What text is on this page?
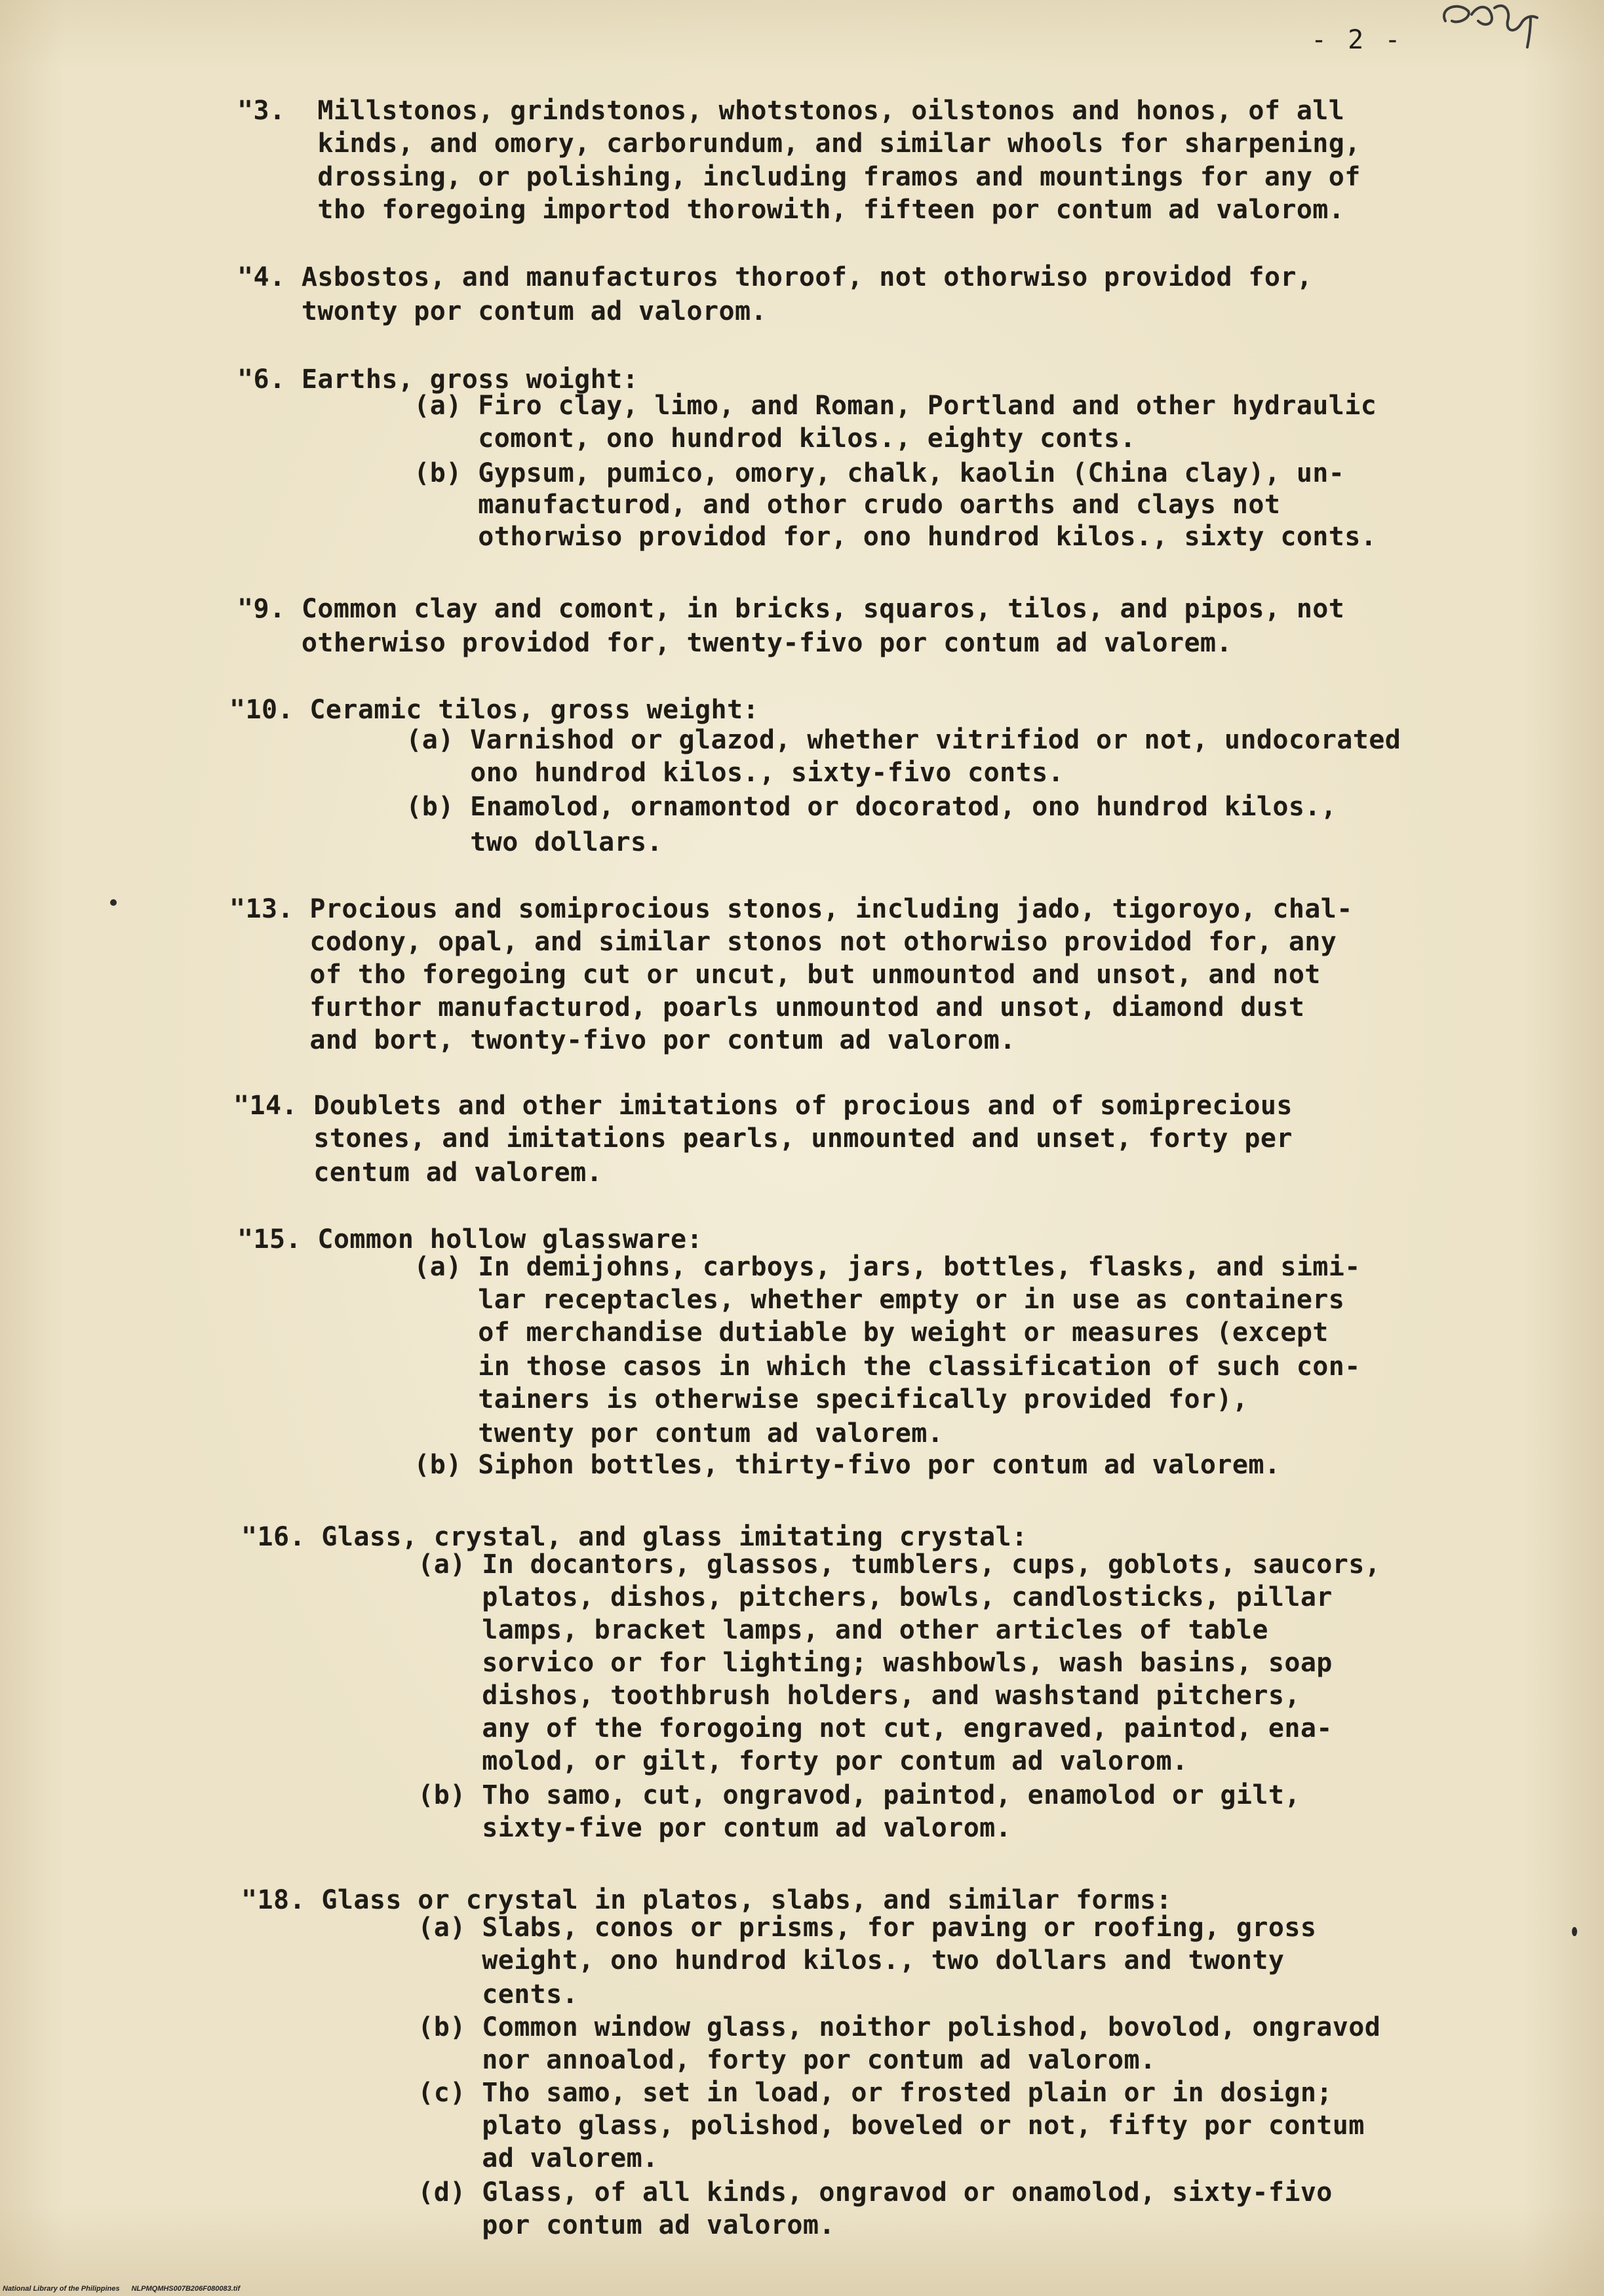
- 2 -
"3.  Millstonos, grindstonos, whotstonos, oilstonos and honos, of all
kinds, and omory, carborundum, and similar whools for sharpening,
drossing, or polishing, including framos and mountings for any of
tho foregoing importod thorowith, fifteen por contum ad valorom.
"4. Asbostos, and manufacturos thoroof, not othorwiso providod for,
twonty por contum ad valorom.
"6. Earths, gross woight:
(a) Firo clay, limo, and Roman, Portland and other hydraulic
comont, ono hundrod kilos., eighty conts.
(b) Gypsum, pumico, omory, chalk, kaolin (China clay), un-
manufacturod, and othor crudo oarths and clays not
othorwiso providod for, ono hundrod kilos., sixty conts.
"9. Common clay and comont, in bricks, squaros, tilos, and pipos, not
otherwiso providod for, twenty-fivo por contum ad valorem.
"10. Ceramic tilos, gross weight:
(a) Varnishod or glazod, whether vitrifiod or not, undocorated
ono hundrod kilos., sixty-fivo conts.
(b) Enamolod, ornamontod or docoratod, ono hundrod kilos.,
two dollars.
"13. Procious and somiprocious stonos, including jado, tigoroyo, chal-
codony, opal, and similar stonos not othorwiso providod for, any
of tho foregoing cut or uncut, but unmountod and unsot, and not
furthor manufacturod, poarls unmountod and unsot, diamond dust
and bort, twonty-fivo por contum ad valorom.
"14. Doublets and other imitations of procious and of somiprecious
stones, and imitations pearls, unmounted and unset, forty per
centum ad valorem.
"15. Common hollow glassware:
(a) In demijohns, carboys, jars, bottles, flasks, and simi-
lar receptacles, whether empty or in use as containers
of merchandise dutiable by weight or measures (except
in those casos in which the classification of such con-
tainers is otherwise specifically provided for),
twenty por contum ad valorem.
(b) Siphon bottles, thirty-fivo por contum ad valorem.
"16. Glass, crystal, and glass imitating crystal:
(a) In docantors, glassos, tumblers, cups, goblots, saucors,
platos, dishos, pitchers, bowls, candlosticks, pillar
lamps, bracket lamps, and other articles of table
sorvico or for lighting; washbowls, wash basins, soap
dishos, toothbrush holders, and washstand pitchers,
any of the forogoing not cut, engraved, paintod, ena-
molod, or gilt, forty por contum ad valorom.
(b) Tho samo, cut, ongravod, paintod, enamolod or gilt,
sixty-five por contum ad valorom.
"18. Glass or crystal in platos, slabs, and similar forms:
(a) Slabs, conos or prisms, for paving or roofing, gross
weight, ono hundrod kilos., two dollars and twonty
cents.
(b) Common window glass, noithor polishod, bovolod, ongravod
nor annoalod, forty por contum ad valorom.
(c) Tho samo, set in load, or frosted plain or in dosign;
plato glass, polishod, boveled or not, fifty por contum
ad valorem.
(d) Glass, of all kinds, ongravod or onamolod, sixty-fivo
por contum ad valorom.
National Library of the Philippines NLPMQMHS007B206F080083.tif
